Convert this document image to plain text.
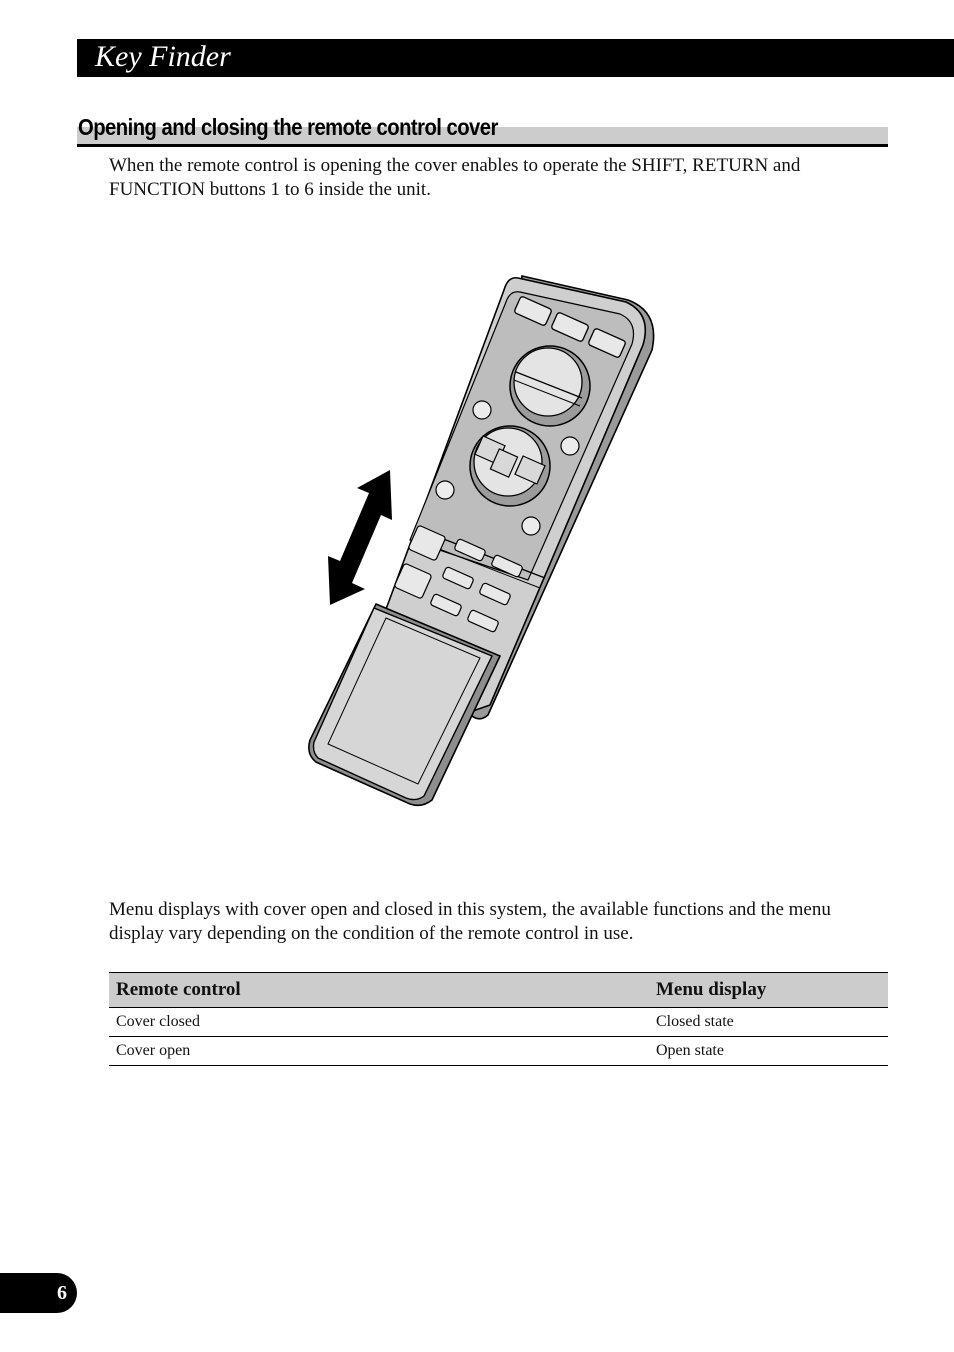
Key Finder
Opening and closing the remote control cover

When the remote control is opening the cover enables to operate the SHIFT, RETURN and FUNCTION buttons 1 to 6 inside the unit.

Menu displays with cover open and closed in this system, the available functions and the menu display vary depending on the condition of the remote control in use.

Remote control	Menu display
Cover closed	Closed state
Cover open	Open state
6
